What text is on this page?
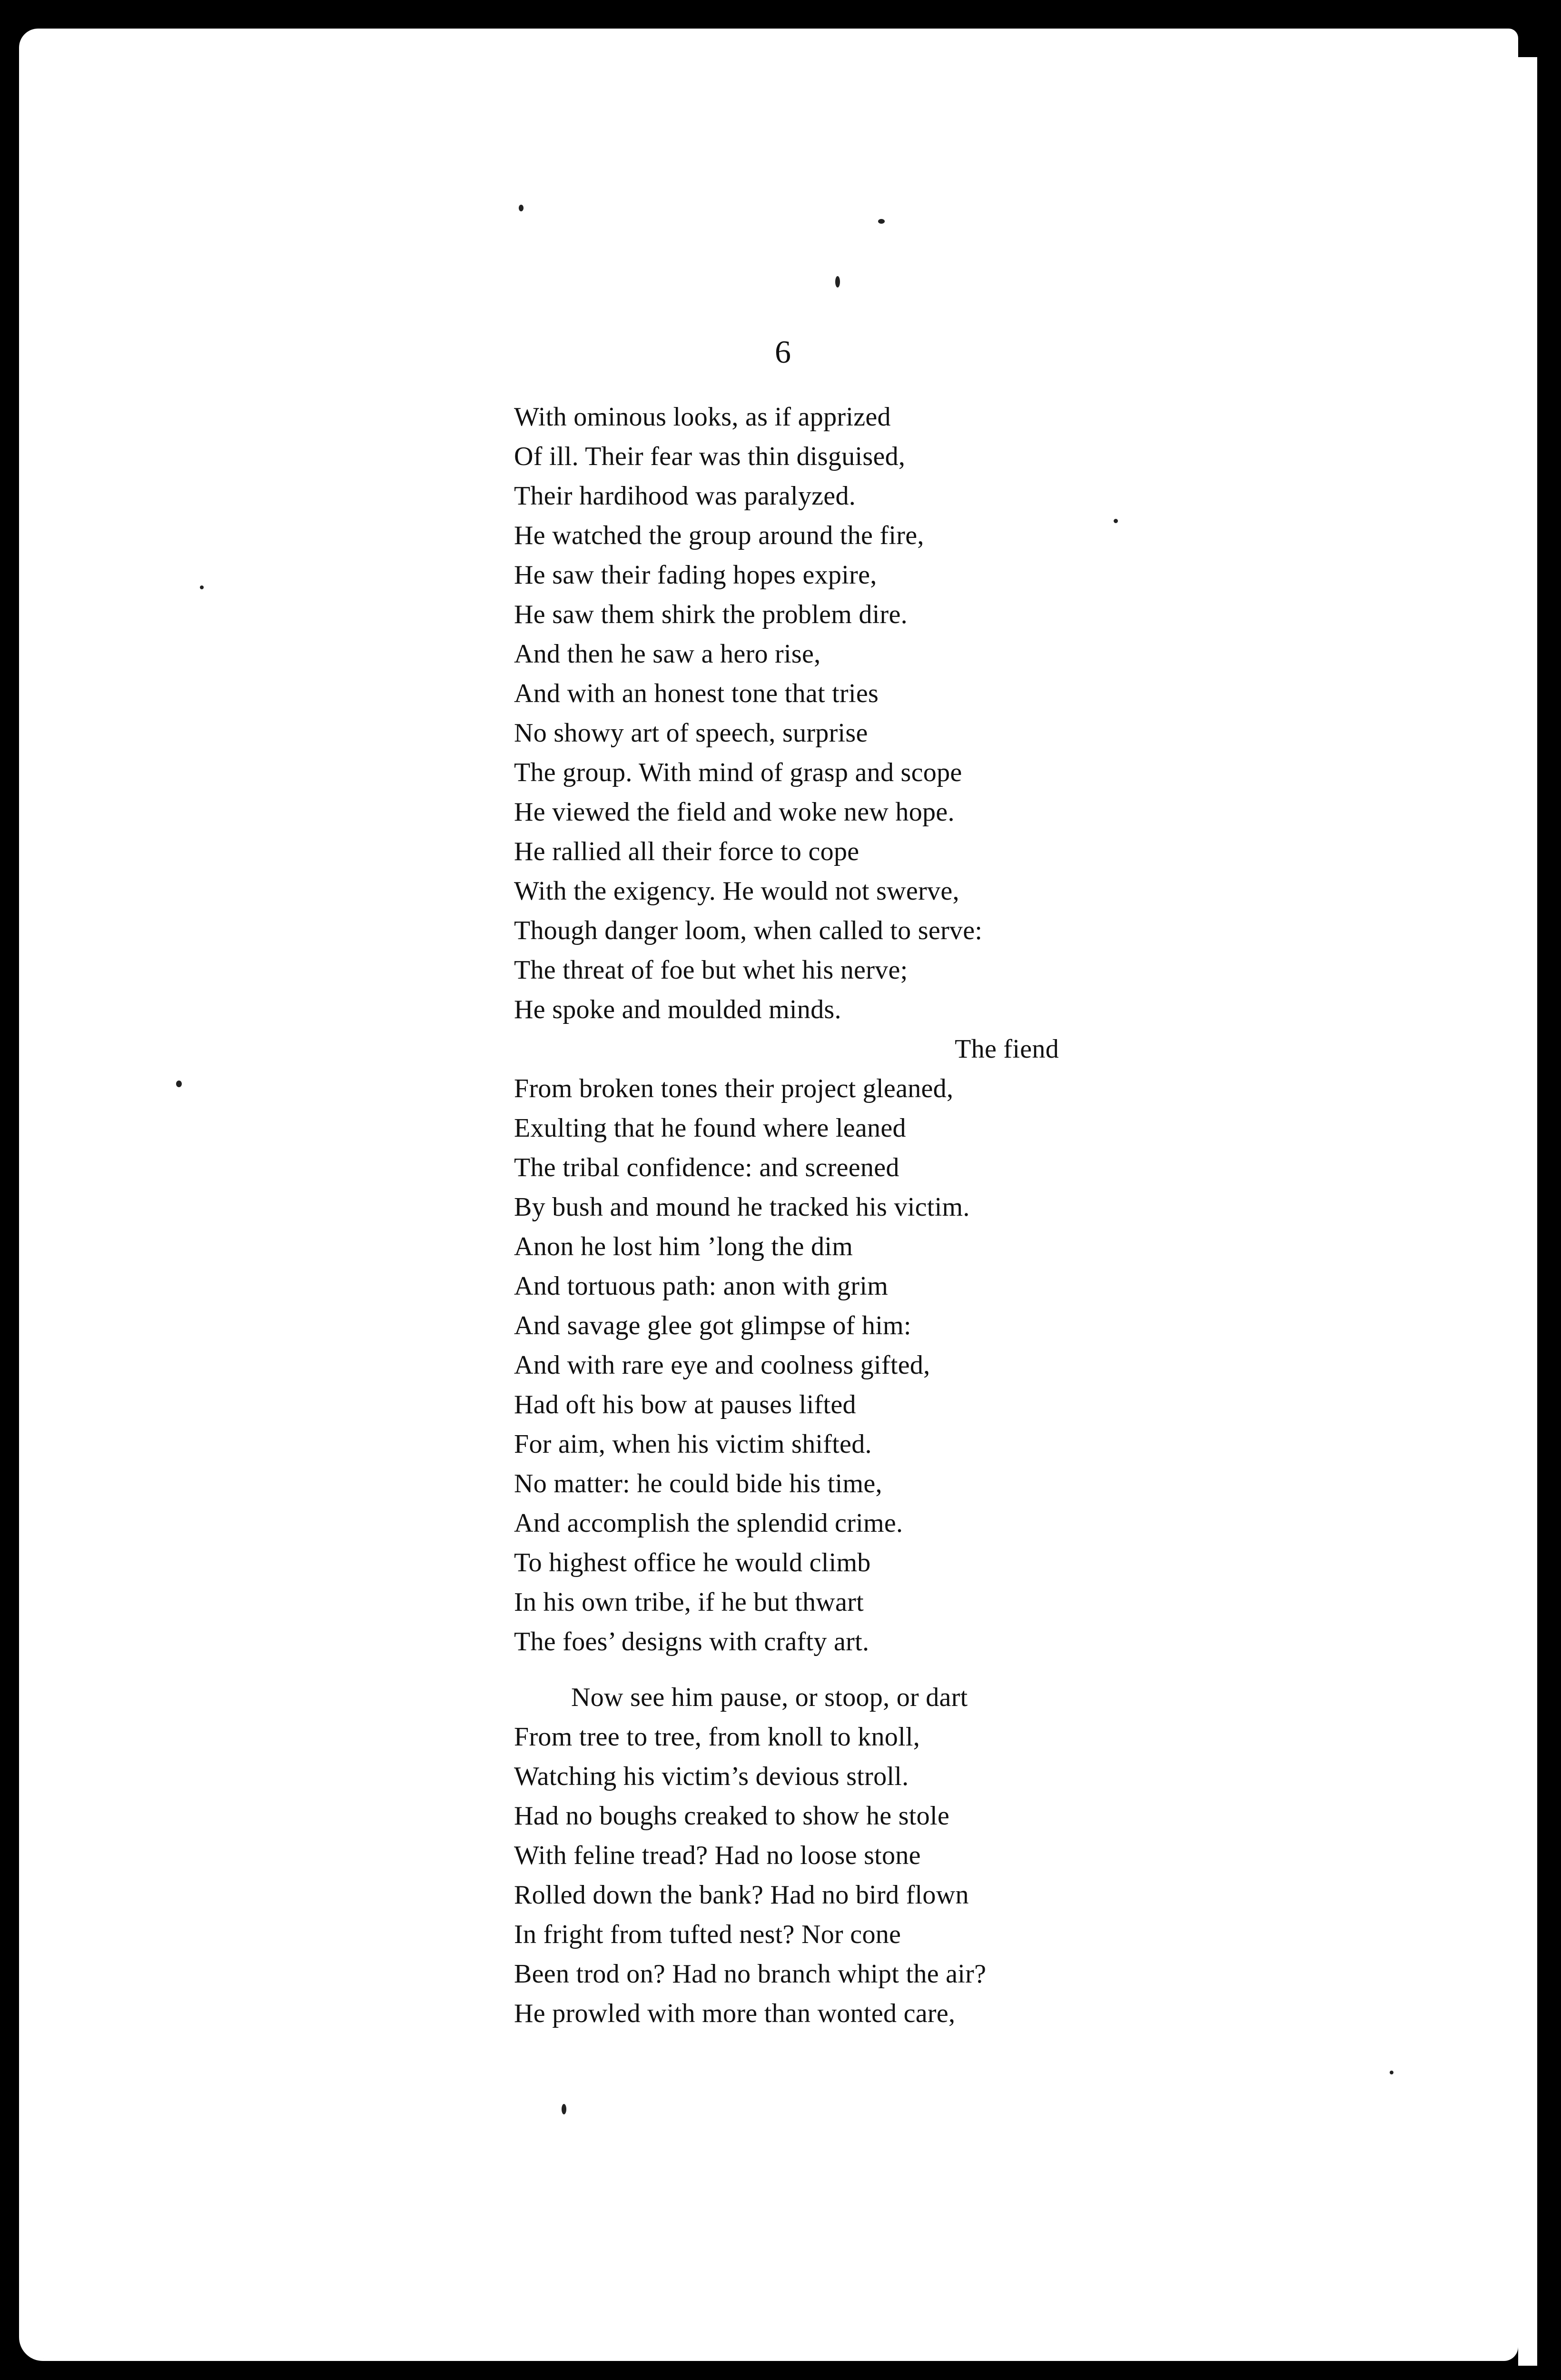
6
With ominous looks, as if apprized
Of ill. Their fear was thin disguised,
Their hardihood was paralyzed.
He watched the group around the fire,
He saw their fading hopes expire,
He saw them shirk the problem dire.
And then he saw a hero rise,
And with an honest tone that tries
No showy art of speech, surprise
The group. With mind of grasp and scope
He viewed the field and woke new hope.
He rallied all their force to cope
With the exigency. He would not swerve,
Though danger loom, when called to serve:
The threat of foe but whet his nerve;
He spoke and moulded minds.
The fiend
From broken tones their project gleaned,
Exulting that he found where leaned
The tribal confidence: and screened
By bush and mound he tracked his victim.
Anon he lost him ’long the dim
And tortuous path: anon with grim
And savage glee got glimpse of him:
And with rare eye and coolness gifted,
Had oft his bow at pauses lifted
For aim, when his victim shifted.
No matter: he could bide his time,
And accomplish the splendid crime.
To highest office he would climb
In his own tribe, if he but thwart
The foes’ designs with crafty art.
Now see him pause, or stoop, or dart
From tree to tree, from knoll to knoll,
Watching his victim’s devious stroll.
Had no boughs creaked to show he stole
With feline tread? Had no loose stone
Rolled down the bank? Had no bird flown
In fright from tufted nest? Nor cone
Been trod on? Had no branch whipt the air?
He prowled with more than wonted care,
